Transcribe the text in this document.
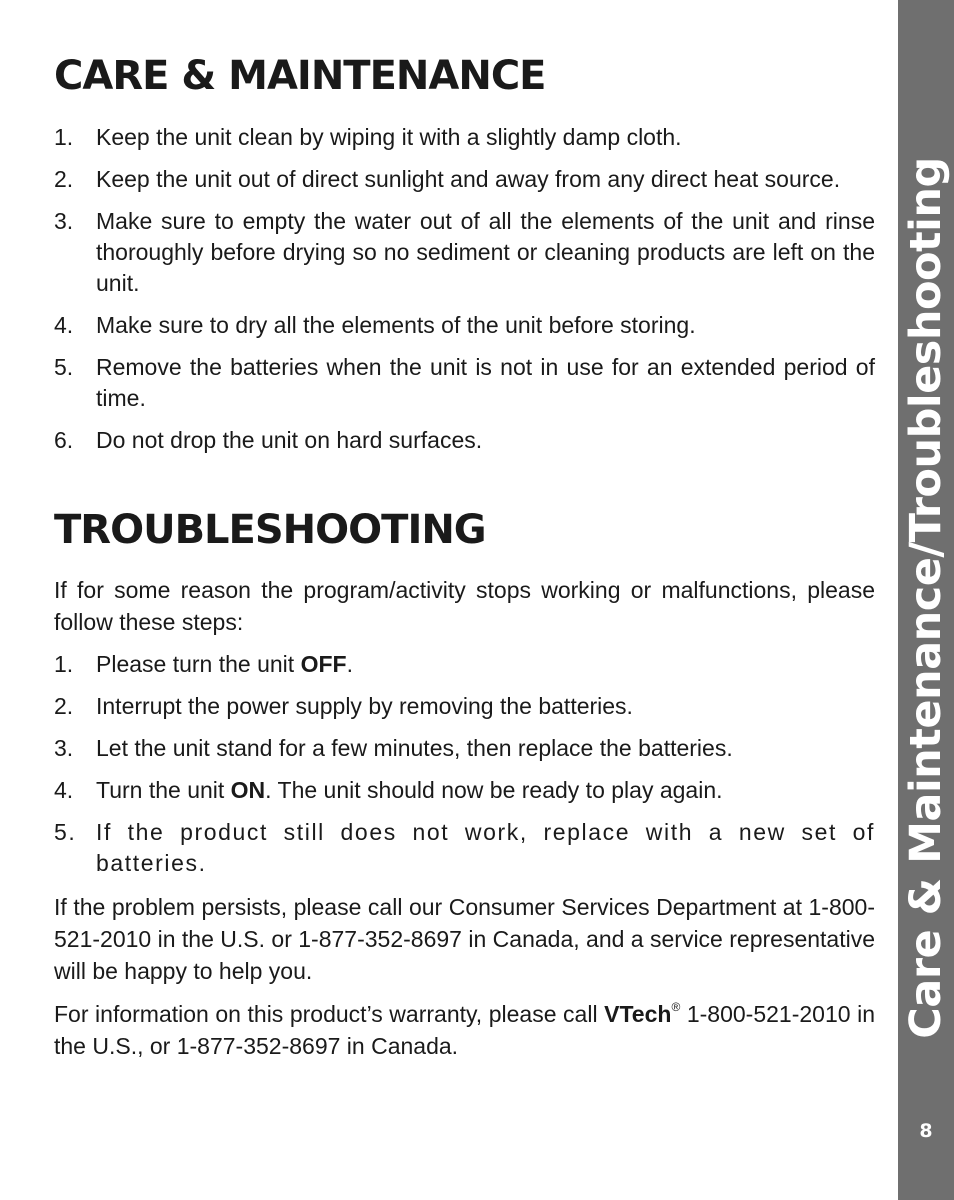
CARE & MAINTENANCE
1. Keep the unit clean by wiping it with a slightly damp cloth.
2. Keep the unit out of direct sunlight and away from any direct heat source.
3. Make sure to empty the water out of all the elements of the unit and rinse thoroughly before drying so no sediment or cleaning products are left on the unit.
4. Make sure to dry all the elements of the unit before storing.
5. Remove the batteries when the unit is not in use for an extended period of time.
6. Do not drop the unit on hard surfaces.
TROUBLESHOOTING

If for some reason the program/activity stops working or malfunctions, please follow these steps:

1. Please turn the unit OFF.
2. Interrupt the power supply by removing the batteries.
3. Let the unit stand for a few minutes, then replace the batteries.
4. Turn the unit ON. The unit should now be ready to play again.
5. If the product still does not work, replace with a new set of batteries.

If the problem persists, please call our Consumer Services Department at 1-800-521-2010 in the U.S. or 1-877-352-8697 in Canada, and a service representative will be happy to help you.

For information on this product’s warranty, please call VTech® 1-800-521-2010 in the U.S., or 1-877-352-8697 in Canada.

Care & Maintenance/Troubleshooting
8
